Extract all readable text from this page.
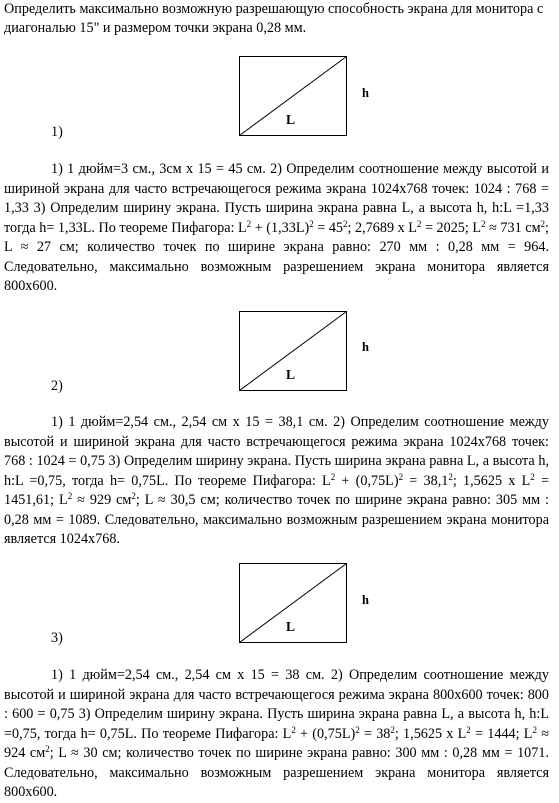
Определить максимально возможную разрешающую способность экрана для монитора с диагональю 15" и размером точки экрана 0,28 мм.

L
h
1)

1) 1 дюйм=3 см., 3см x 15 = 45 см. 2) Определим соотношение между высотой и шириной экрана для часто встречающегося режима экрана 1024x768 точек: 1024 : 768 = 1,33 3) Определим ширину экрана. Пусть ширина экрана равна L, а высота h, h:L =1,33 тогда h= 1,33L. По теореме Пифагора: $L^2 + (1,33L)^2 = 45^2$; 2,7689 x $L^2 = 2025$; $L^2 \approx 731$ $см^2$; L ≈ 27 см; количество точек по ширине экрана равно: 270 мм : 0,28 мм = 964. Следовательно, максимально возможным разрешением экрана монитора является 800x600.

L
h
2)

1) 1 дюйм=2,54 см., 2,54 см x 15 = 38,1 см. 2) Определим соотношение между высотой и шириной экрана для часто встречающегося режима экрана 1024x768 точек: 768 : 1024 = 0,75 3) Определим ширину экрана. Пусть ширина экрана равна L, а высота h, h:L =0,75, тогда h= 0,75L. По теореме Пифагора: $L^2 + (0,75L)^2 = 38,1^2$; 1,5625 x $L^2 = 1451,61$; $L^2 \approx 929$ $см^2$; L ≈ 30,5 см; количество точек по ширине экрана равно: 305 мм : 0,28 мм = 1089. Следовательно, максимально возможным разрешением экрана монитора является 1024x768.

L
h
3)

1) 1 дюйм=2,54 см., 2,54 см x 15 = 38 см. 2) Определим соотношение между высотой и шириной экрана для часто встречающегося режима экрана 800x600 точек: 800 : 600 = 0,75 3) Определим ширину экрана. Пусть ширина экрана равна L, а высота h, h:L =0,75, тогда h= 0,75L. По теореме Пифагора: $L^2 + (0,75L)^2 = 38^2$; 1,5625 x $L^2 = 1444$; $L^2 \approx 924$ $см^2$; L ≈ 30 см; количество точек по ширине экрана равно: 300 мм : 0,28 мм = 1071. Следовательно, максимально возможным разрешением экрана монитора является 800x600.
